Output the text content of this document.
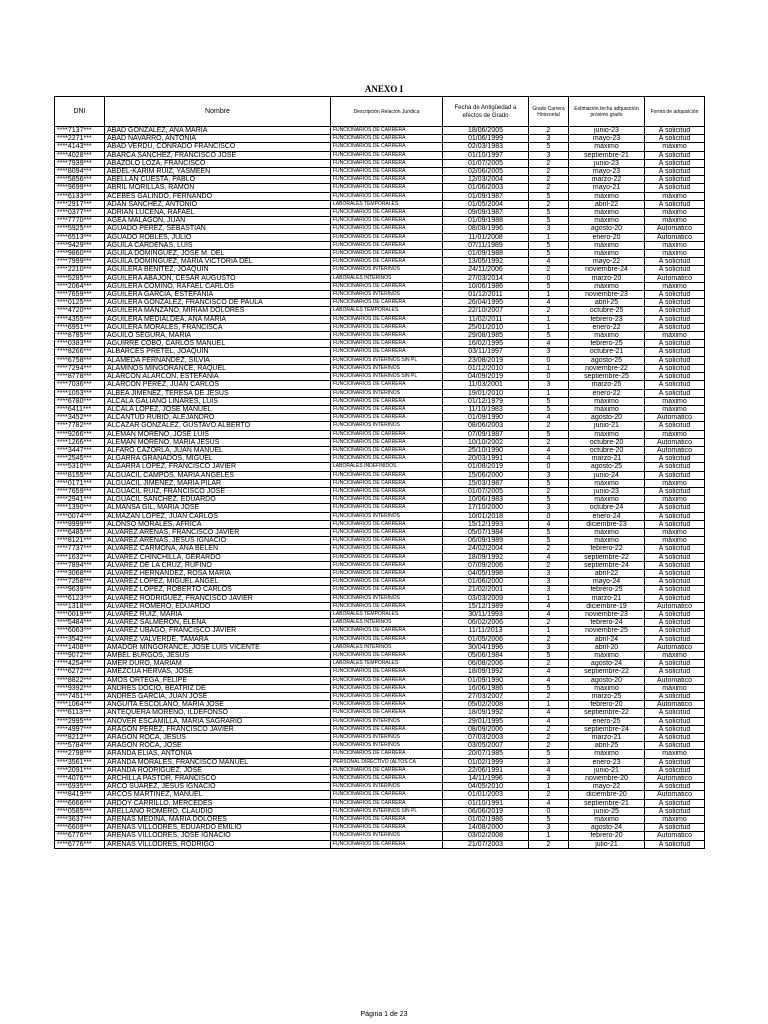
ANEXO I
DNI	Nombre	Descripción Relación Jurídica	Fecha de Antigüedad a efectos de Grado	Grado Carrera Horizontal	Estimación fecha adquisición próximo grado	Forma de adquisición
****7137***	ABAD GONZALEZ, ANA MARIA	FUNCIONARIOS DE CARRERA	18/06/2005	2	junio-23	A solicitud
****2271***	ABAD NAVARRO, ANTONIA	FUNCIONARIOS DE CARRERA	01/06/1999	3	mayo-23	A solicitud
****4143***	ABAD VERDU, CONRADO FRANCISCO	FUNCIONARIOS DE CARRERA	02/03/1983	5	máximo	máximo
****4028***	ABARCA SANCHEZ, FRANCISCO JOSE	FUNCIONARIOS DE CARRERA	01/10/1997	3	septiembre-21	A solicitud
****7939***	ABAZOLO LOZA, FRANCISCO	FUNCIONARIOS DE CARRERA	01/07/2005	2	junio-23	A solicitud
****8094***	ABDEL-KARIM RUIZ, YASMEEN	FUNCIONARIOS DE CARRERA	02/06/2005	2	mayo-23	A solicitud
****5856***	ABELLAN CUESTA, PABLO	FUNCIONARIOS DE CARRERA	12/03/2004	2	marzo-22	A solicitud
****9699***	ABRIL MORILLAS, RAMON	FUNCIONARIOS DE CARRERA	01/06/2003	2	mayo-21	A solicitud
****6133***	ACEBES GALINDO, FERNANDO	FUNCIONARIOS DE CARRERA	01/09/1987	5	máximo	máximo
****2917***	ADAN SANCHEZ, ANTONIO	LABORALES TEMPORALES	01/05/2004	2	abril-22	A solicitud
****0377***	ADRIAN LUCENA, RAFAEL	FUNCIONARIOS DE CARRERA	09/09/1987	5	máximo	máximo
****7770***	AGEA MALAGON, JUAN	FUNCIONARIOS DE CARRERA	01/09/1988	5	máximo	máximo
****5925***	AGUADO PEREZ, SEBASTIAN	FUNCIONARIOS DE CARRERA	08/08/1996	3	agosto-20	Automatico
****6513***	AGUADO ROBLES, JULIO	FUNCIONARIOS DE CARRERA	11/01/2008	1	enero-20	Automatico
****9429***	AGUILA CARDENAS, LUIS	FUNCIONARIOS DE CARRERA	07/11/1989	5	máximo	máximo
****9860***	AGUILA DOMINGUEZ, JOSE M. DEL	FUNCIONARIOS DE CARRERA	01/09/1988	5	máximo	máximo
****7999***	AGUILA DOMINGUEZ, MARIA VICTORIA DEL	FUNCIONARIOS DE CARRERA	13/05/1992	4	mayo-22	A solicitud
****2210***	AGUILERA BENITEZ, JOAQUIN	FUNCIONARIOS INTERINOS	24/11/2006	2	noviembre-24	A solicitud
****5285***	AGUILERA ABAJON, CESAR AUGUSTO	LABORALES INTERINOS	27/03/2014	0	marzo-20	Automatico
****2064***	AGUILERA COMINO, RAFAEL CARLOS	FUNCIONARIOS DE CARRERA	10/06/1986	5	máximo	máximo
****7659***	AGUILERA GARCIA, ESTEFANIA	FUNCIONARIOS INTERINOS	01/12/2011	1	noviembre-23	A solicitud
****0125***	AGUILERA GONZALEZ, FRANCISCO DE PAULA	FUNCIONARIOS DE CARRERA	26/04/1995	4	abril-25	A solicitud
****4720***	AGUILERA MANZANO, MIRIAM DOLORES	LABORALES TEMPORALES	22/10/2007	2	octubre-25	A solicitud
****4355***	AGUILERA MEDIALDEA, ANA MARIA	FUNCIONARIOS DE CARRERA	11/02/2011	1	febrero-23	A solicitud
****6951***	AGUILERA MORALES, FRANCISCA	FUNCIONARIOS DE CARRERA	25/01/2010	1	enero-22	A solicitud
****8785***	AGUILO SEGURA, MARIA	FUNCIONARIOS DE CARRERA	29/08/1985	5	máximo	máximo
****0383***	AGUIRRE COBO, CARLOS MANUEL	FUNCIONARIOS DE CARRERA	16/02/1995	4	febrero-25	A solicitud
****8266***	ALBARCES PRETEL, JOAQUIN	FUNCIONARIOS DE CARRERA	03/11/1997	3	octubre-21	A solicitud
****6758***	ALAMEDA FERNANDEZ, SILVIA	FUNCIONARIOS INTERINOS SIN PL	23/08/2019	0	agosto-25	A solicitud
****7294***	ALAMINOS MINGORANCE, RAQUEL	FUNCIONARIOS INTERINOS	01/12/2010	1	noviembre-22	A solicitud
****8778***	ALARCON ALARCON, ESTEFANIA	FUNCIONARIOS INTERINOS SIN PL	04/09/2019	0	septiembre-25	A solicitud
****7036***	ALARCON PEREZ, JUAN CARLOS	FUNCIONARIOS DE CARRERA	11/03/2001	3	marzo-25	A solicitud
****1053***	ALBEA JIMENEZ, TERESA DE JESUS	FUNCIONARIOS INTERINOS	19/01/2010	1	enero-22	A solicitud
****6780***	ALCALA GALIANO LINARES, LUIS	FUNCIONARIOS DE CARRERA	01/12/1979	5	máximo	máximo
****6411***	ALCALA LOPEZ, JOSE MANUEL	FUNCIONARIOS DE CARRERA	11/10/1983	5	máximo	máximo
****3452***	ALCANTUD RUBIO, ALEJANDRO	FUNCIONARIOS DE CARRERA	01/09/1990	4	agosto-20	Automatico
****7782***	ALCAZAR GONZALEZ, GUSTAVO ALBERTO	FUNCIONARIOS INTERINOS	08/06/2003	2	junio-21	A solicitud
****9266***	ALEMAN MORENO, JOSE LUIS	FUNCIONARIOS DE CARRERA	07/09/1987	5	máximo	máximo
****1266***	ALEMAN MORENO, MARIA JESUS	FUNCIONARIOS DE CARRERA	10/10/2002	2	octubre-20	Automatico
****3447***	ALFARO CAZORLA, JUAN MANUEL	FUNCIONARIOS DE CARRERA	25/10/1990	4	octubre-20	Automatico
****2545***	ALGARRA GRANADOS, MIGUEL	FUNCIONARIOS DE CARRERA	20/03/1991	4	marzo-21	A solicitud
****5310***	ALGARRA LOPEZ, FRANCISCO JAVIER	LABORALES INDEFINIDOS	01/08/2019	0	agosto-25	A solicitud
****8155***	ALGUACIL CAMPOS, MARIA ANGELES	FUNCIONARIOS DE CARRERA	15/06/2000	3	junio-24	A solicitud
****0171***	ALGUACIL JIMENEZ, MARIA PILAR	FUNCIONARIOS DE CARRERA	15/03/1987	5	máximo	máximo
****7659***	ALGUACIL RUIZ, FRANCISCO JOSE	FUNCIONARIOS DE CARRERA	01/07/2005	2	junio-23	A solicitud
****2941***	ALGUACIL SANCHEZ, EDUARDO	FUNCIONARIOS DE CARRERA	10/06/1983	5	máximo	máximo
****1390***	ALMANSA GIL, MARIA JOSE	FUNCIONARIOS DE CARRERA	17/10/2000	3	octubre-24	A solicitud
****0074***	ALMAZAN LOPEZ, JUAN CARLOS	FUNCIONARIOS INTERINOS	10/01/2018	0	enero-24	A solicitud
****9999***	ALONSO MORALES, AFRICA	FUNCIONARIOS DE CARRERA	15/12/1993	4	diciembre-23	A solicitud
****6485***	ALVAREZ ARENAS, FRANCISCO JAVIER	FUNCIONARIOS DE CARRERA	05/07/1984	5	máximo	máximo
****8121***	ALVAREZ ARENAS, JESUS IGNACIO	FUNCIONARIOS DE CARRERA	06/09/1989	5	máximo	máximo
****7737***	ALVAREZ CARMONA, ANA BELEN	FUNCIONARIOS DE CARRERA	24/02/2004	2	febrero-22	A solicitud
****1632***	ALVAREZ CHINCHILLA, GERARDO	FUNCIONARIOS DE CARRERA	18/09/1992	4	septiembre-22	A solicitud
****7894***	ALVAREZ DE LA CRUZ, RUFINO	FUNCIONARIOS DE CARRERA	07/09/2006	2	septiembre-24	A solicitud
****3068***	ALVAREZ HERNANDEZ, ROSA MARIA	FUNCIONARIOS DE CARRERA	04/05/1998	3	abril-22	A solicitud
****7258***	ALVAREZ LOPEZ, MIGUEL ANGEL	FUNCIONARIOS DE CARRERA	01/06/2000	3	mayo-24	A solicitud
****9639***	ALVAREZ LOPEZ, ROBERTO CARLOS	FUNCIONARIOS DE CARRERA	21/02/2001	3	febrero-25	A solicitud
****6123***	ALVAREZ RODRIGUEZ, FRANCISCO JAVIER	FUNCIONARIOS INTERINOS	03/03/2009	1	marzo-21	A solicitud
****1318***	ALVAREZ ROMERO, EDUARDO	FUNCIONARIOS DE CARRERA	15/12/1989	4	diciembre-19	Automatico
****0019***	ALVAREZ RUIZ, MARIA	LABORALES TEMPORALES	30/11/1993	4	noviembre-23	A solicitud
****5484***	ALVAREZ SALMERON, ELENA	LABORALES INTERINOS	06/02/2006	2	febrero-24	A solicitud
****6063***	ALVAREZ UBAGO, FRANCISCO JAVIER	FUNCIONARIOS DE CARRERA	11/11/2013	1	noviembre-25	A solicitud
****3542***	ALVAREZ VALVERDE, TAMARA	FUNCIONARIOS DE CARRERA	01/05/2006	2	abril-24	A solicitud
****1408***	AMADOR MINGORANCE, JOSE LUIS VICENTE	LABORALES INTERINOS	30/04/1996	3	abril-20	Automatico
****9072***	AMBEL BURGOS, JESUS	FUNCIONARIOS DE CARRERA	05/06/1984	5	máximo	máximo
****4254***	AMER DURO, MARIAM	LABORALES TEMPORALES	06/08/2006	2	agosto-24	A solicitud
****6272***	AMEZCUA HERVAS, JOSE	FUNCIONARIOS DE CARRERA	18/09/1992	4	septiembre-22	A solicitud
****8822***	AMOS ORTEGA, FELIPE	FUNCIONARIOS DE CARRERA	01/09/1990	4	agosto-20	Automatico
****9392***	ANDRES DOCIO, BEATRIZ DE	FUNCIONARIOS DE CARRERA	16/06/1986	5	máximo	máximo
****7451***	ANDRES GARCIA, JUAN JOSE	FUNCIONARIOS DE CARRERA	27/03/2007	2	marzo-25	A solicitud
****1064***	ANGUITA ESCOLANO, MARIA JOSE	FUNCIONARIOS DE CARRERA	05/02/2008	1	febrero-20	Automatico
****6113***	ANTEQUERA MORENO, ILDEFONSO	FUNCIONARIOS DE CARRERA	18/09/1992	4	septiembre-22	A solicitud
****2995***	ANOVER ESCAMILLA, MARIA SAGRARIO	FUNCIONARIOS INTERINOS	29/01/1995	4	enero-25	A solicitud
****4997***	ARAGON PEREZ, FRANCISCO JAVIER	FUNCIONARIOS DE CARRERA	08/09/2006	2	septiembre-24	A solicitud
****8212***	ARAGON ROCA, JESUS	FUNCIONARIOS INTERINOS	07/03/2003	2	marzo-21	A solicitud
****5784***	ARAGON ROCA, JOSE	FUNCIONARIOS INTERINOS	03/05/2007	2	abril-25	A solicitud
****2798***	ARANDA ELIAS, ANTONIA	FUNCIONARIOS DE CARRERA	20/07/1985	5	máximo	máximo
****3561***	ARANDA MORALES, FRANCISCO MANUEL	PERSONAL DIRECTIVO (ALTOS CA	01/02/1999	3	enero-23	A solicitud
****2091***	ARANDA RODRIGUEZ, JOSE	FUNCIONARIOS DE CARRERA	22/06/1991	4	junio-21	A solicitud
****4076***	ARCHILLA PASTOR, FRANCISCO	FUNCIONARIOS DE CARRERA	14/11/1996	3	noviembre-20	Automatico
****6935***	ARCO SUAREZ, JESUS IGNACIO	FUNCIONARIOS INTERINOS	04/05/2010	1	mayo-22	A solicitud
****8419***	ARCOS MARTINEZ, MANUEL	FUNCIONARIOS DE CARRERA	01/01/2003	2	diciembre-20	Automatico
****6666***	ARDOY CARRILLO, MERCEDES	FUNCIONARIOS DE CARRERA	01/10/1991	4	septiembre-21	A solicitud
****0585***	ARELLANO ROMERO, CLAUDIO	FUNCIONARIOS INTERINOS SIN PL	06/06/2019	0	junio-25	A solicitud
****3637***	ARENAS MEDINA, MARIA DOLORES	FUNCIONARIOS DE CARRERA	01/02/1986	5	máximo	máximo
****6609***	ARENAS VILLODRES, EDUARDO EMILIO	FUNCIONARIOS DE CARRERA	14/08/2000	3	agosto-24	A solicitud
****6776***	ARENAS VILLODRES, JOSE IGNACIO	FUNCIONARIOS INTERINOS	03/02/2008	1	febrero-20	Automatico
****6776***	ARENAS VILLODRES, RODRIGO	FUNCIONARIOS DE CARRERA	21/07/2003	2	julio-21	A solicitud
Página 1 de 23
